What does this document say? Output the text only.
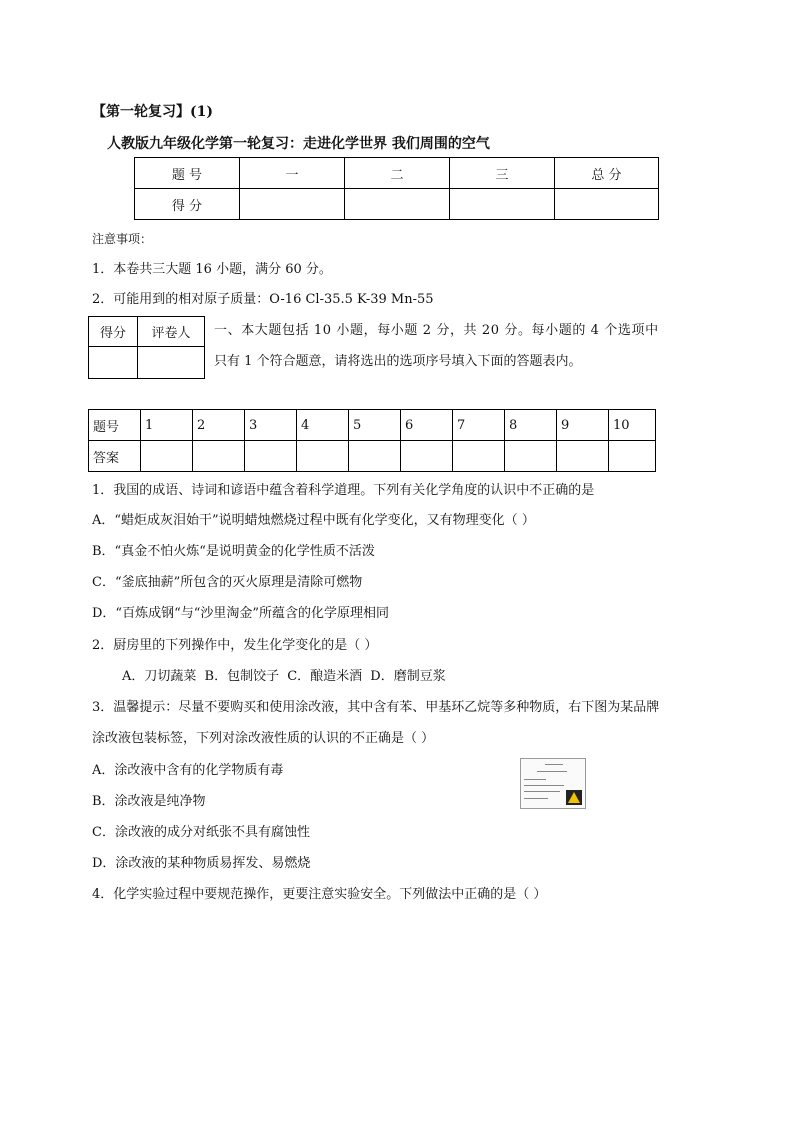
【第一轮复习】(1)
人教版九年级化学第一轮复习：走进化学世界 我们周围的空气
题 号	一	二	三	总 分
得 分				
注意事项：
1．本卷共三大题 16 小题，满分 60 分。
2．可能用到的相对原子质量：O-16 Cl-35.5 K-39 Mn-55
得分	评卷人
	一、本大题包括 10 小题，每小题 2 分，共 20 分。每小题的 4 个选项中
只有 1 个符合题意，请将选出的选项序号填入下面的答题表内。
题号	1	2	3	4	5	6	7	8	9	10
答案										
1．我国的成语、诗词和谚语中蕴含着科学道理。下列有关化学角度的认识中不正确的是
A．“蜡炬成灰泪始干”说明蜡烛燃烧过程中既有化学变化，又有物理变化（ ）
B．“真金不怕火炼“是说明黄金的化学性质不活泼
C．“釜底抽薪”所包含的灭火原理是清除可燃物
D．“百炼成钢“与“沙里淘金”所蕴含的化学原理相同
2．厨房里的下列操作中，发生化学变化的是（ ）
A．刀切蔬菜 B．包制饺子 C．酿造米酒 D．磨制豆浆
3．温馨提示：尽量不要购买和使用涂改液，其中含有苯、甲基环乙烷等多种物质，右下图为某品牌
涂改液包装标签，下列对涂改液性质的认识的不正确是（ ）
A．涂改液中含有的化学物质有毒
B．涂改液是纯净物
C．涂改液的成分对纸张不具有腐蚀性
D．涂改液的某种物质易挥发、易燃烧
4．化学实验过程中要规范操作，更要注意实验安全。下列做法中正确的是（ ）
